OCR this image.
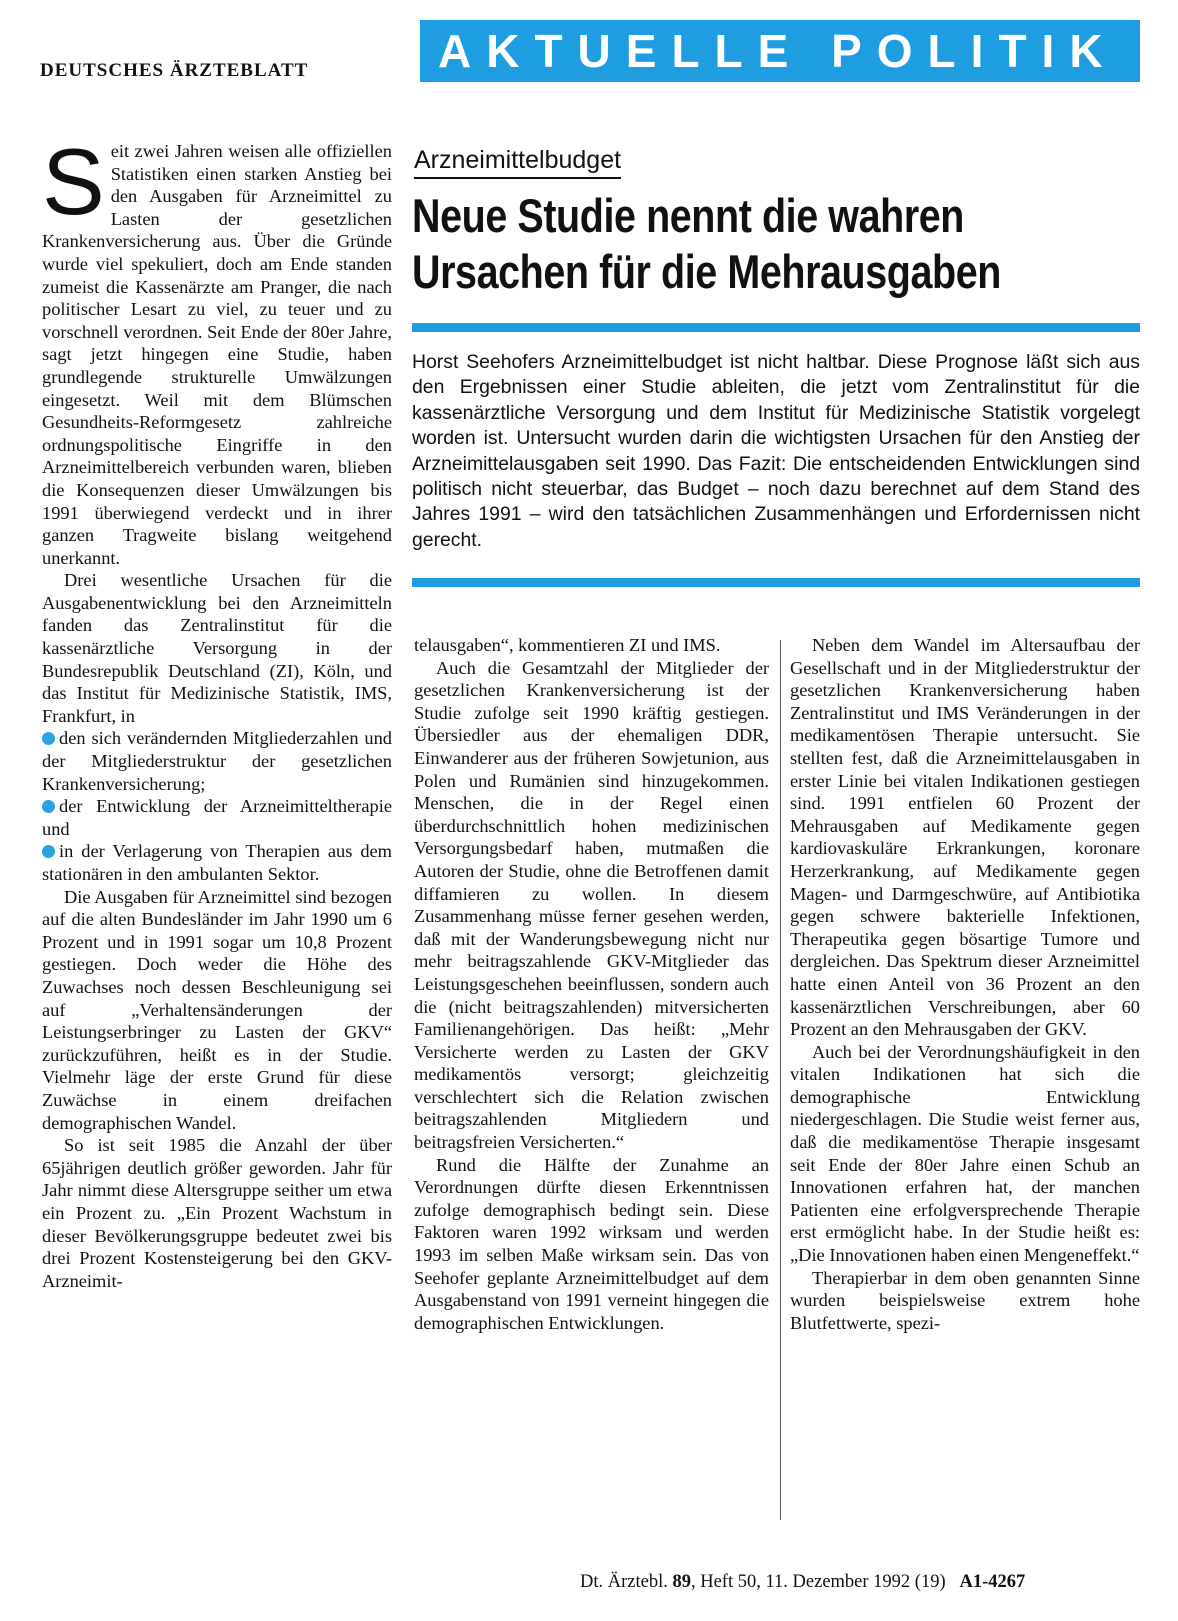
DEUTSCHES ÄRZTEBLATT	AKTUELLE POLITIK

Seit zwei Jahren weisen alle offiziellen Statistiken einen starken Anstieg bei den Ausgaben für Arzneimittel zu Lasten der gesetzlichen Krankenversicherung aus. Über die Gründe wurde viel spekuliert, doch am Ende standen zumeist die Kassenärzte am Pranger, die nach politischer Lesart zu viel, zu teuer und zu vorschnell verordnen. Seit Ende der 80er Jahre, sagt jetzt hingegen eine Studie, haben grundlegende strukturelle Umwälzungen eingesetzt. Weil mit dem Blümschen Gesundheits-Reformgesetz zahlreiche ordnungspolitische Eingriffe in den Arzneimittelbereich verbunden waren, blieben die Konsequenzen dieser Umwälzungen bis 1991 überwiegend verdeckt und in ihrer ganzen Tragweite bislang weitgehend unerkannt.

Drei wesentliche Ursachen für die Ausgabenentwicklung bei den Arzneimitteln fanden das Zentralinstitut für die kassenärztliche Versorgung in der Bundesrepublik Deutschland (ZI), Köln, und das Institut für Medizinische Statistik, IMS, Frankfurt, in

den sich verändernden Mitgliederzahlen und der Mitgliederstruktur der gesetzlichen Krankenversicherung;

der Entwicklung der Arzneimitteltherapie und

in der Verlagerung von Therapien aus dem stationären in den ambulanten Sektor.

Die Ausgaben für Arzneimittel sind bezogen auf die alten Bundesländer im Jahr 1990 um 6 Prozent und in 1991 sogar um 10,8 Prozent gestiegen. Doch weder die Höhe des Zuwachses noch dessen Beschleunigung sei auf „Verhaltensänderungen der Leistungserbringer zu Lasten der GKV“ zurückzuführen, heißt es in der Studie. Vielmehr läge der erste Grund für diese Zuwächse in einem dreifachen demographischen Wandel.

So ist seit 1985 die Anzahl der über 65jährigen deutlich größer geworden. Jahr für Jahr nimmt diese Altersgruppe seither um etwa ein Prozent zu. „Ein Prozent Wachstum in dieser Bevölkerungsgruppe bedeutet zwei bis drei Prozent Kostensteigerung bei den GKV-Arzneimit-

Arzneimittelbudget
Neue Studie nennt die wahren
Ursachen für die Mehrausgaben
Horst Seehofers Arzneimittelbudget ist nicht haltbar. Diese Prognose läßt sich aus den Ergebnissen einer Studie ableiten, die jetzt vom Zentralinstitut für die kassenärztliche Versorgung und dem Institut für Medizinische Statistik vorgelegt worden ist. Untersucht wurden darin die wichtigsten Ursachen für den Anstieg der Arzneimittelausgaben seit 1990. Das Fazit: Die entscheidenden Entwicklungen sind politisch nicht steuerbar, das Budget – noch dazu berechnet auf dem Stand des Jahres 1991 – wird den tatsächlichen Zusammenhängen und Erfordernissen nicht gerecht.

telausgaben“, kommentieren ZI und IMS.

Auch die Gesamtzahl der Mitglieder der gesetzlichen Krankenversicherung ist der Studie zufolge seit 1990 kräftig gestiegen. Übersiedler aus der ehemaligen DDR, Einwanderer aus der früheren Sowjetunion, aus Polen und Rumänien sind hinzugekommen. Menschen, die in der Regel einen überdurchschnittlich hohen medizinischen Versorgungsbedarf haben, mutmaßen die Autoren der Studie, ohne die Betroffenen damit diffamieren zu wollen. In diesem Zusammenhang müsse ferner gesehen werden, daß mit der Wanderungsbewegung nicht nur mehr beitragszahlende GKV-Mitglieder das Leistungsgeschehen beeinflussen, sondern auch die (nicht beitragszahlenden) mitversicherten Familienangehörigen. Das heißt: „Mehr Versicherte werden zu Lasten der GKV medikamentös versorgt; gleichzeitig verschlechtert sich die Relation zwischen beitragszahlenden Mitgliedern und beitragsfreien Versicherten.“

Rund die Hälfte der Zunahme an Verordnungen dürfte diesen Erkenntnissen zufolge demographisch bedingt sein. Diese Faktoren waren 1992 wirksam und werden 1993 im selben Maße wirksam sein. Das von Seehofer geplante Arzneimittelbudget auf dem Ausgabenstand von 1991 verneint hingegen die demographischen Entwicklungen.

Neben dem Wandel im Altersaufbau der Gesellschaft und in der Mitgliederstruktur der gesetzlichen Krankenversicherung haben Zentralinstitut und IMS Veränderungen in der medikamentösen Therapie untersucht. Sie stellten fest, daß die Arzneimittelausgaben in erster Linie bei vitalen Indikationen gestiegen sind. 1991 entfielen 60 Prozent der Mehrausgaben auf Medikamente gegen kardiovaskuläre Erkrankungen, koronare Herzerkrankung, auf Medikamente gegen Magen- und Darmgeschwüre, auf Antibiotika gegen schwere bakterielle Infektionen, Therapeutika gegen bösartige Tumore und dergleichen. Das Spektrum dieser Arzneimittel hatte einen Anteil von 36 Prozent an den kassenärztlichen Verschreibungen, aber 60 Prozent an den Mehrausgaben der GKV.

Auch bei der Verordnungshäufigkeit in den vitalen Indikationen hat sich die demographische Entwicklung niedergeschlagen. Die Studie weist ferner aus, daß die medikamentöse Therapie insgesamt seit Ende der 80er Jahre einen Schub an Innovationen erfahren hat, der manchen Patienten eine erfolgversprechende Therapie erst ermöglicht habe. In der Studie heißt es: „Die Innovationen haben einen Mengeneffekt.“

Therapierbar in dem oben genannten Sinne wurden beispielsweise extrem hohe Blutfettwerte, spezi-

Dt. Ärztebl. 89, Heft 50, 11. Dezember 1992 (19) A1-4267
